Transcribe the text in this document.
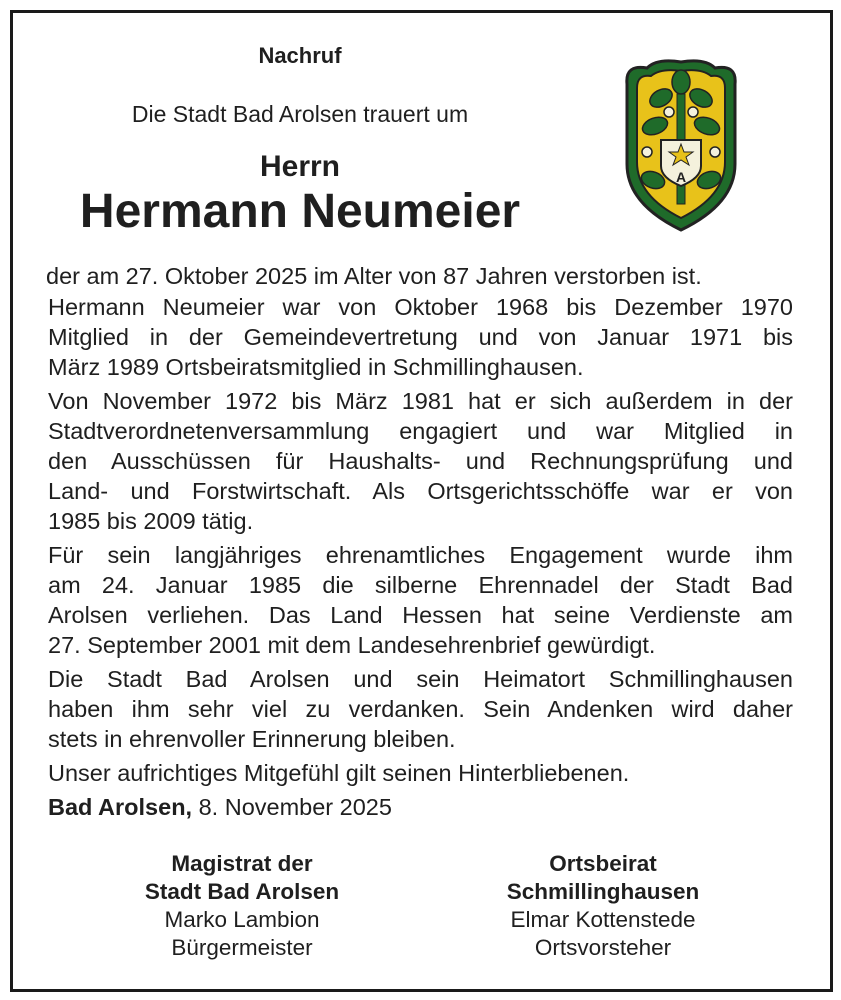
Nachruf
Die Stadt Bad Arolsen trauert um
Herrn
Hermann Neumeier
A
der am 27. Oktober 2025 im Alter von 87 Jahren verstorben ist.
Hermann Neumeier war von Oktober 1968 bis Dezember 1970
Mitglied in der Gemeindevertretung und von Januar 1971 bis
März 1989 Ortsbeiratsmitglied in Schmillinghausen.
Von November 1972 bis März 1981 hat er sich außerdem in der
Stadtverordnetenversammlung engagiert und war Mitglied in
den Ausschüssen für Haushalts- und Rechnungsprüfung und
Land- und Forstwirtschaft. Als Ortsgerichtsschöffe war er von
1985 bis 2009 tätig.
Für sein langjähriges ehrenamtliches Engagement wurde ihm
am 24. Januar 1985 die silberne Ehrennadel der Stadt Bad
Arolsen verliehen. Das Land Hessen hat seine Verdienste am
27. September 2001 mit dem Landesehrenbrief gewürdigt.
Die Stadt Bad Arolsen und sein Heimatort Schmillinghausen
haben ihm sehr viel zu verdanken. Sein Andenken wird daher
stets in ehrenvoller Erinnerung bleiben.
Unser aufrichtiges Mitgefühl gilt seinen Hinterbliebenen.
Bad Arolsen, 8. November 2025
Magistrat der
Stadt Bad Arolsen
Marko Lambion
Bürgermeister
Ortsbeirat
Schmillinghausen
Elmar Kottenstede
Ortsvorsteher
